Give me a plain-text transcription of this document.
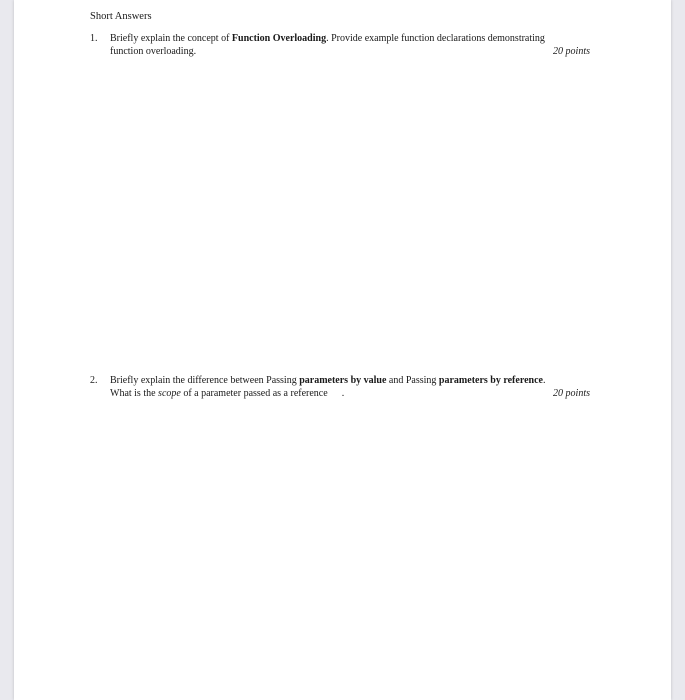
Short Answers

1. Briefly explain the concept of Function Overloading. Provide example function declarations demonstrating
function overloading.	20 points
2. Briefly explain the difference between Passing parameters by value and Passing parameters by reference.
What is the scope of a parameter passed as a reference .	20 points
